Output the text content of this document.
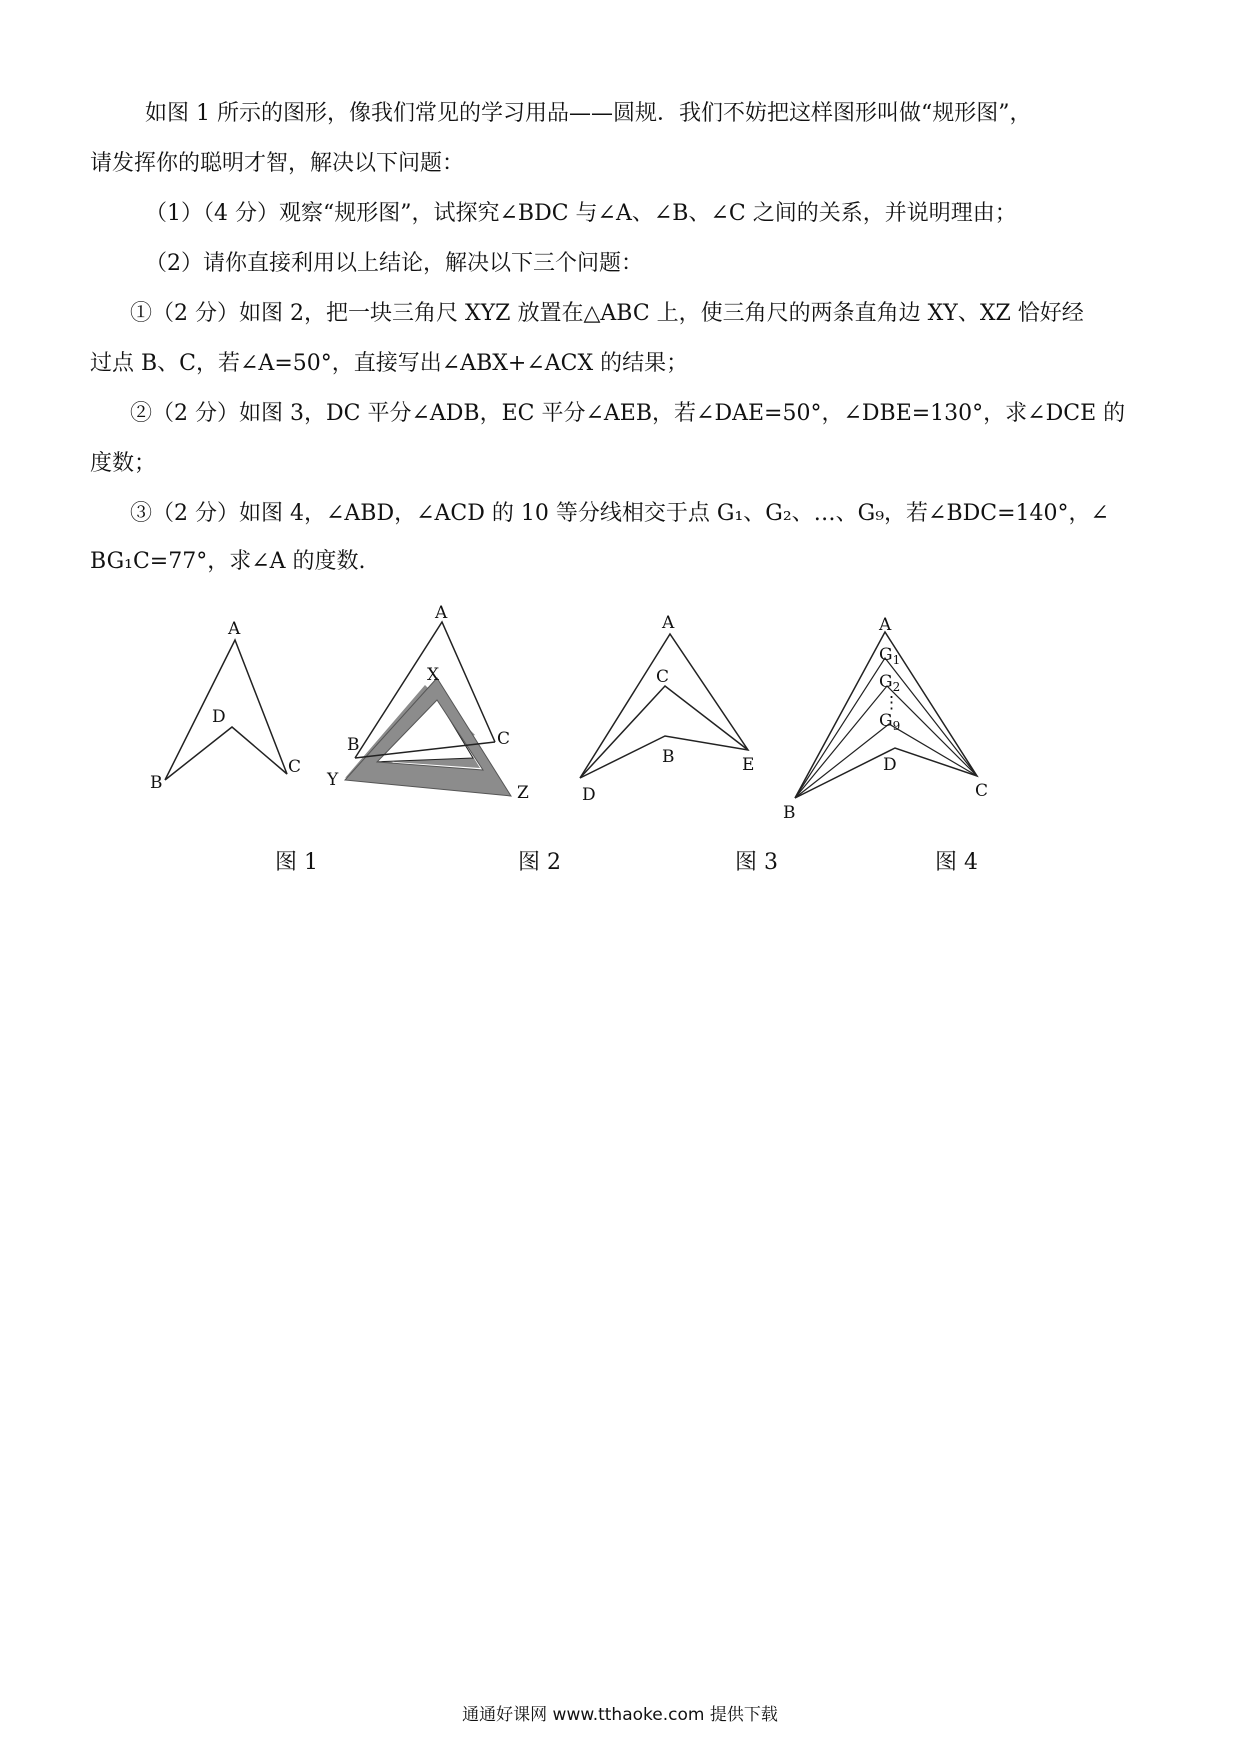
如图 1 所示的图形，像我们常见的学习用品——圆规．我们不妨把这样图形叫做“规形图”，
请发挥你的聪明才智，解决以下问题：
（1）（4 分）观察“规形图”，试探究∠BDC 与∠A、∠B、∠C 之间的关系，并说明理由；
（2）请你直接利用以上结论，解决以下三个问题：
①（2 分）如图 2，把一块三角尺 XYZ 放置在△ABC 上，使三角尺的两条直角边 XY、XZ 恰好经
过点 B、C，若∠A=50°，直接写出∠ABX+∠ACX 的结果；
②（2 分）如图 3，DC 平分∠ADB，EC 平分∠AEB，若∠DAE=50°，∠DBE=130°，求∠DCE 的
度数；
③（2 分）如图 4，∠ABD，∠ACD 的 10 等分线相交于点 G₁、G₂、…、G₉，若∠BDC=140°，∠
BG₁C=77°，求∠A 的度数.
A
B
C
D
A
X
B	C
Y
Z
A
C
B
D
E
A
$G_1$
$G_2$
⋮
$G_9$
D
C
B
图 1	图 2	图 3	图 4
通通好课网 www.tthaoke.com 提供下载
